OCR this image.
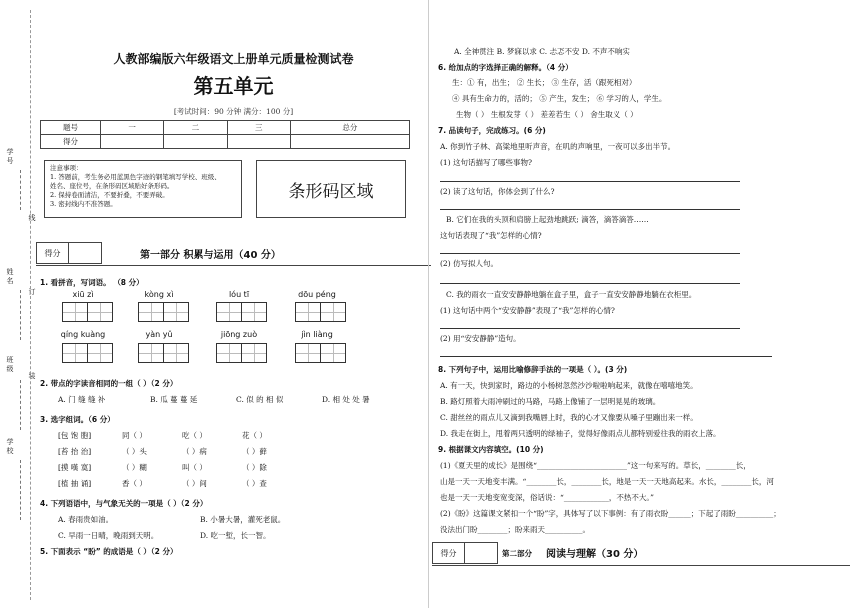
学号
线
姓名
订
班级
装
学校
人教部编版六年级语文上册单元质量检测试卷
第五单元
[考试时间：90 分钟 满分：100 分]
题号	一	二	三	总分
得分				
注意事项：
1. 答题前，考生务必用蓝黑色字迹的钢笔填写学校、班级、
姓名、座位号，在条形码区域贴好条形码。
2. 保持卷面清洁，不要折叠，不要弄破。
3. 密封线内不准答题。
条形码区域
得分	第一部分 积累与运用（40 分）
1. 看拼音，写词语。 （8 分）
xiū zì	kòng xì	lóu tī	dōu péng
qíng kuàng	yàn yǔ	jiōng zuò	jìn liàng
2. 带点的字读音相同的一组（ ）（2 分）
A. 门 缝 缝 补	B. 瓜 蔓 蔓 延	C. 似 的 相 似	D. 相 处 处 暑
3. 选字组词。（6 分）
[包 饱 胞]	同（ ）	吃（ ）	花（ ）
[苔 抬 治]	（ ）头	（ ）病	（ ）藓
[摸 嘆 寞]	（ ）糊	叫（ ）	（ ）除
[植 抽 诵]	香（ ）	（ ）间	（ ）查
4. 下列语语中，与气象无关的一项是（ ）（2 分）
A. 春雨贵如油。	B. 小暑大暑，灌死老鼠。
C. 早雨一日晴，晚雨到天明。	D. 吃一堑，长一智。
5. 下面表示 “盼” 的成语是（ ）（2 分）
A. 全神贯注 B. 梦寐以求 C. 忐忑不安 D. 不声不响实
6. 给加点的字选择正确的解释。（4 分）
生：① 有，出生； ② 生长； ③ 生存，活（跟死相对）
④ 具有生命力的，活的； ⑤ 产生，发生； ⑥ 学习的人，学生。
生物（ ） 生根发芽（ ） 差差若生（ ） 舍生取义（ ）
7. 品读句子，完成练习。(6 分)
A. 你到竹子林、高粱地里听声音，在叽的声响里，一夜可以多出半节。
(1) 这句话描写了哪些事物?
(2) 读了这句话，你体会到了什么?
B. 它们在我的头顶和肩膀上起劲地跳跃; 滴答，滴答滴答……
这句话表现了“我”怎样的心情?
(2) 仿写拟人句。
C. 我的雨衣一直安安静静地躺在盒子里，盒子一直安安静静地躺在衣柜里。
(1) 这句话中两个“安安静静”表现了“我”怎样的心情?
(2) 用“安安静静”造句。
8. 下列句子中，运用比喻修辞手法的一项是（ ）。(3 分)
A. 有一天，快到家时，路边的小杨树忽然沙沙啦啦响起来，就像在嘻嘻地笑。
B. 路灯照着大雨冲刷过的马路，马路上像铺了一层明晃晃的玻璃。
C. 甜丝丝的雨点儿又滴到我嘴唇上时，我的心才又像要从嗓子里蹦出来一样。
D. 我走在街上，甩着两只透明的绿袖子，觉得好像雨点儿都特别爱往我的雨衣上落。
9. 根据课文内容填空。(10 分)
(1)《夏天里的成长》是围绕“________________________”这一句来写的。草长，________长，
山是一天一天地变丰满。“________长，________长，地是一天一天地高起来。水长，________长，河
也是一天一天地变宽变深，俗话说：“____________，不热不大。”
(2)《盼》这篇课文紧扣一个“盼”字，具体写了以下事例：有了雨衣盼______；下起了雨盼__________；
没法出门盼________；盼来雨天__________。
得分	第二部分 阅读与理解（30 分）
